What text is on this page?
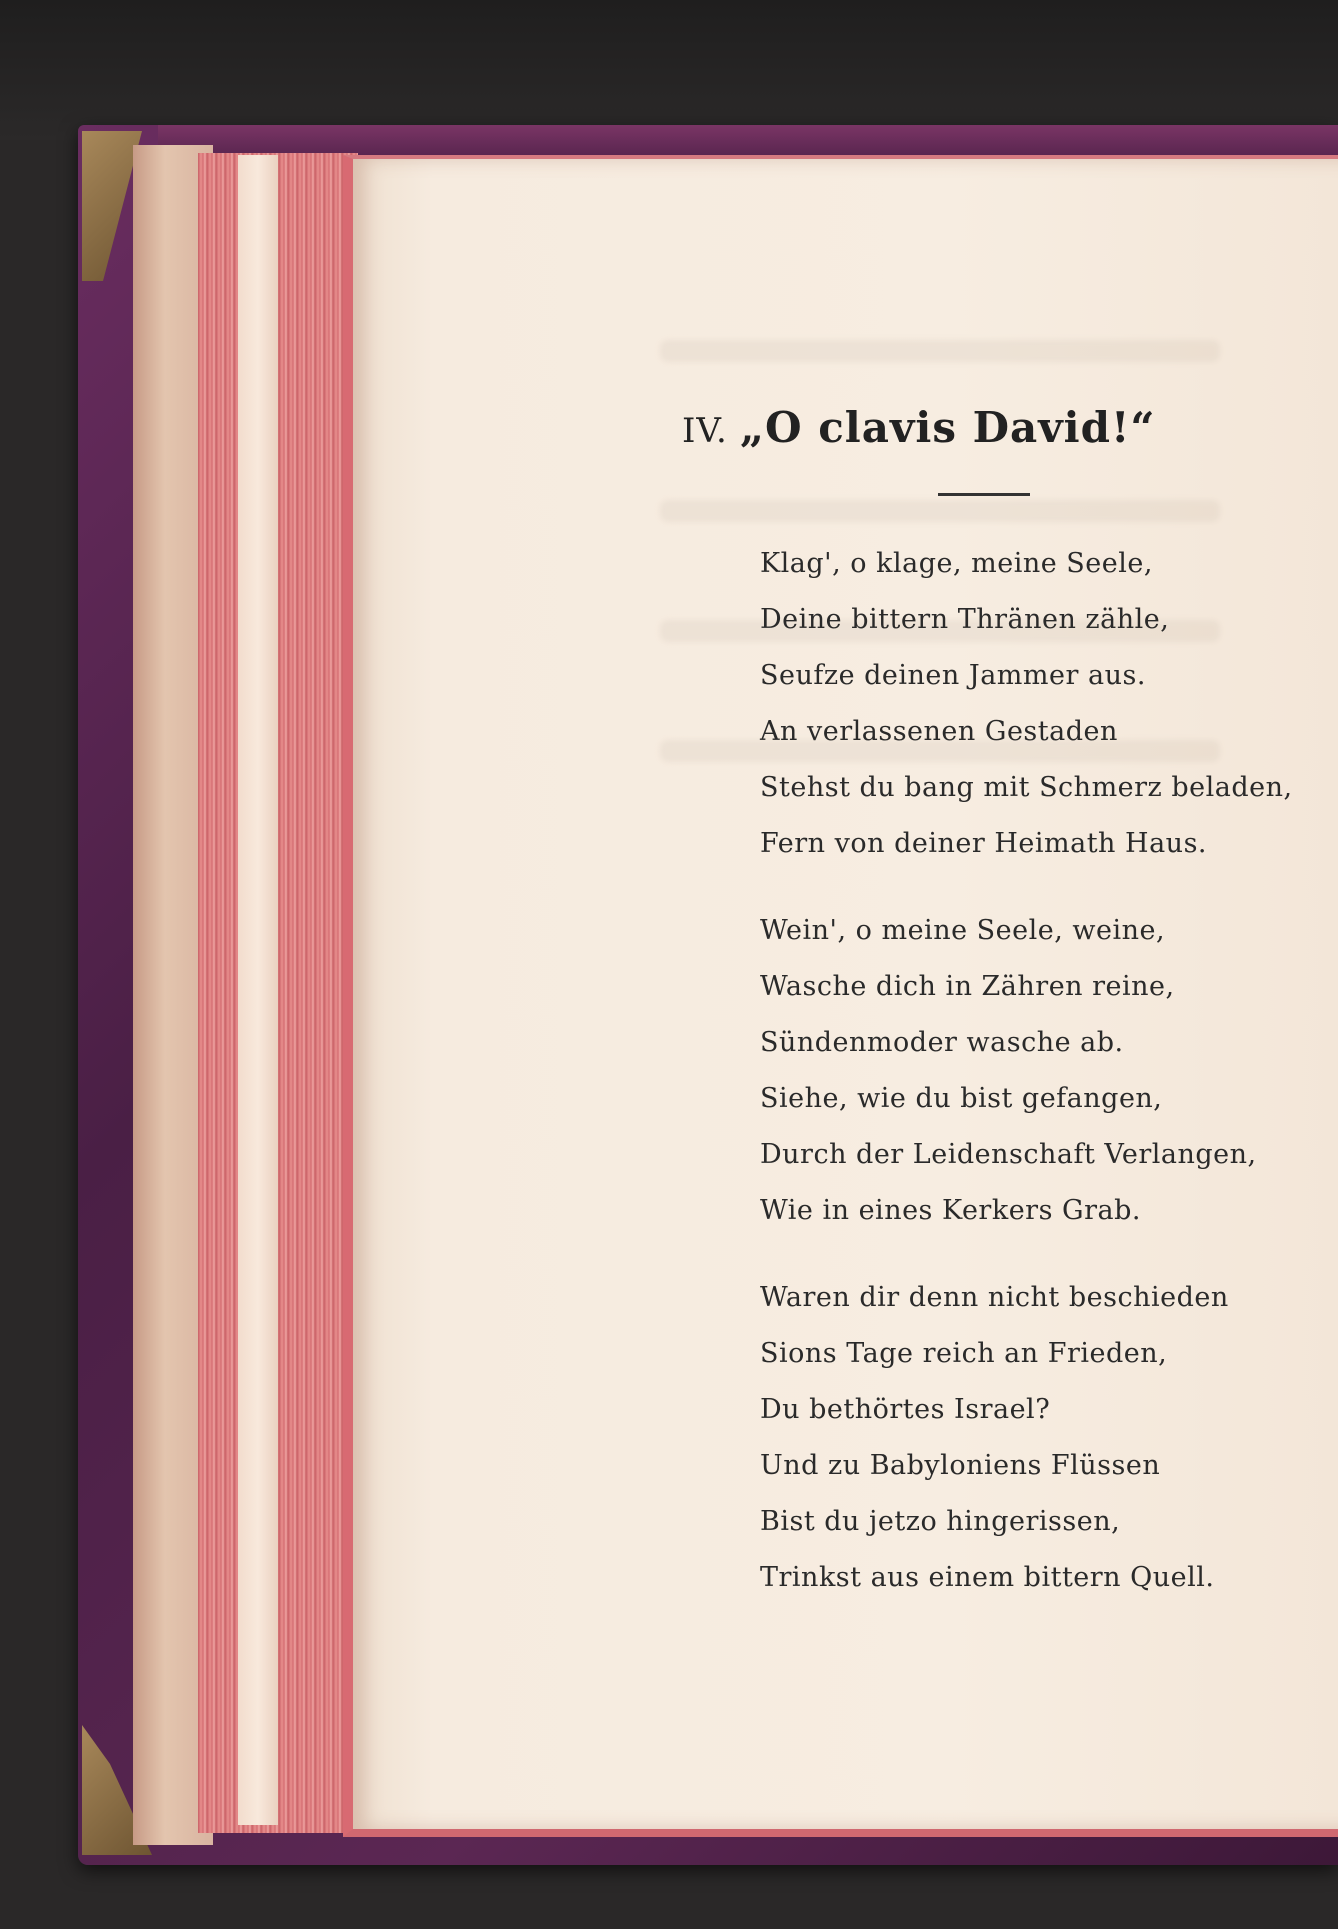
IV. „O clavis David!“
Klag', o klage, meine Seele,
Deine bittern Thränen zähle,
Seufze deinen Jammer aus.
An verlassenen Gestaden
Stehst du bang mit Schmerz beladen,
Fern von deiner Heimath Haus.
Wein', o meine Seele, weine,
Wasche dich in Zähren reine,
Sündenmoder wasche ab.
Siehe, wie du bist gefangen,
Durch der Leidenschaft Verlangen,
Wie in eines Kerkers Grab.
Waren dir denn nicht beschieden
Sions Tage reich an Frieden,
Du bethörtes Israel?
Und zu Babyloniens Flüssen
Bist du jetzo hingerissen,
Trinkst aus einem bittern Quell.
